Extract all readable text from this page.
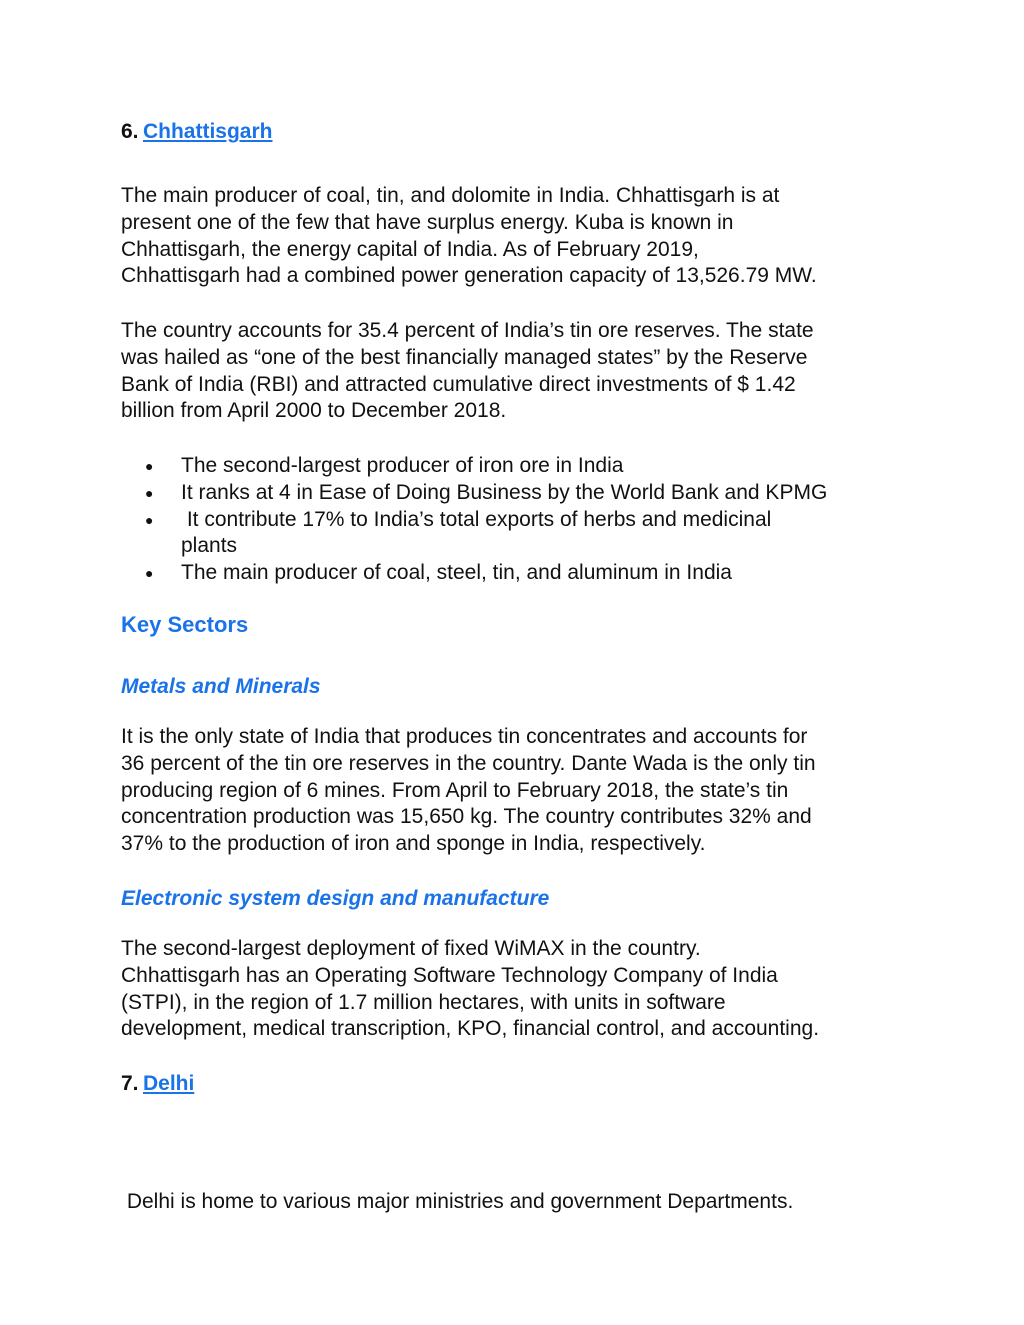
6. Chhattisgarh
The main producer of coal, tin, and dolomite in India. Chhattisgarh is at
present one of the few that have surplus energy. Kuba is known in
Chhattisgarh, the energy capital of India. As of February 2019,
Chhattisgarh had a combined power generation capacity of 13,526.79 MW.
The country accounts for 35.4 percent of India’s tin ore reserves. The state
was hailed as “one of the best financially managed states” by the Reserve
Bank of India (RBI) and attracted cumulative direct investments of $ 1.42
billion from April 2000 to December 2018.
● The second-largest producer of iron ore in India
● It ranks at 4 in Ease of Doing Business by the World Bank and KPMG
● It contribute 17% to India’s total exports of herbs and medicinal
plants
● The main producer of coal, steel, tin, and aluminum in India
Key Sectors
Metals and Minerals
It is the only state of India that produces tin concentrates and accounts for
36 percent of the tin ore reserves in the country. Dante Wada is the only tin
producing region of 6 mines. From April to February 2018, the state’s tin
concentration production was 15,650 kg. The country contributes 32% and
37% to the production of iron and sponge in India, respectively.
Electronic system design and manufacture
The second-largest deployment of fixed WiMAX in the country.
Chhattisgarh has an Operating Software Technology Company of India
(STPI), in the region of 1.7 million hectares, with units in software
development, medical transcription, KPO, financial control, and accounting.
7. Delhi

Delhi is home to various major ministries and government Departments.
